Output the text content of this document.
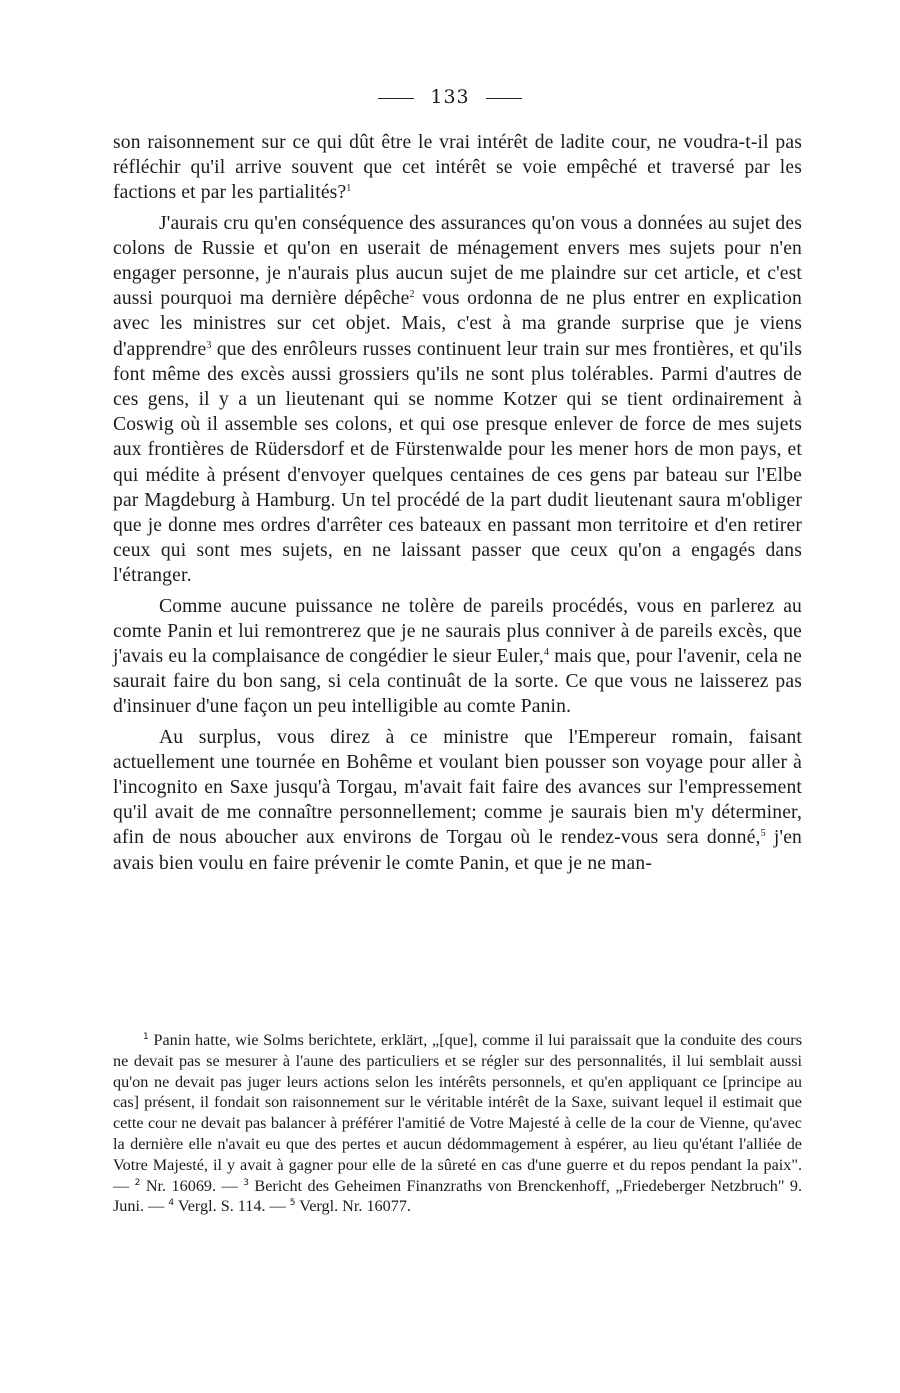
133

son raisonnement sur ce qui dût être le vrai intérêt de ladite cour, ne voudra-t-il pas réfléchir qu'il arrive souvent que cet intérêt se voie empêché et traversé par les factions et par les partialités?$^1$

J'aurais cru qu'en conséquence des assurances qu'on vous a données au sujet des colons de Russie et qu'on en userait de ménagement envers mes sujets pour n'en engager personne, je n'aurais plus aucun sujet de me plaindre sur cet article, et c'est aussi pourquoi ma dernière dépêche$^2$ vous ordonna de ne plus entrer en explication avec les ministres sur cet objet. Mais, c'est à ma grande surprise que je viens d'apprendre$^3$ que des enrôleurs russes continuent leur train sur mes frontières, et qu'ils font même des excès aussi grossiers qu'ils ne sont plus tolérables. Parmi d'autres de ces gens, il y a un lieutenant qui se nomme Kotzer qui se tient ordinairement à Coswig où il assemble ses colons, et qui ose presque enlever de force de mes sujets aux frontières de Rüdersdorf et de Fürstenwalde pour les mener hors de mon pays, et qui médite à présent d'envoyer quelques centaines de ces gens par bateau sur l'Elbe par Magdeburg à Hamburg. Un tel procédé de la part dudit lieutenant saura m'obliger que je donne mes ordres d'arrêter ces bateaux en passant mon territoire et d'en retirer ceux qui sont mes sujets, en ne laissant passer que ceux qu'on a engagés dans l'étranger.

Comme aucune puissance ne tolère de pareils procédés, vous en parlerez au comte Panin et lui remontrerez que je ne saurais plus conniver à de pareils excès, que j'avais eu la complaisance de congédier le sieur Euler,$^4$ mais que, pour l'avenir, cela ne saurait faire du bon sang, si cela continuât de la sorte. Ce que vous ne laisserez pas d'insinuer d'une façon un peu intelligible au comte Panin.

Au surplus, vous direz à ce ministre que l'Empereur romain, faisant actuellement une tournée en Bohême et voulant bien pousser son voyage pour aller à l'incognito en Saxe jusqu'à Torgau, m'avait fait faire des avances sur l'empressement qu'il avait de me connaître personnellement; comme je saurais bien m'y déterminer, afin de nous aboucher aux environs de Torgau où le rendez-vous sera donné,$^5$ j'en avais bien voulu en faire prévenir le comte Panin, et que je ne man-

$^1$ Panin hatte, wie Solms berichtete, erklärt, „[que], comme il lui paraissait que la conduite des cours ne devait pas se mesurer à l'aune des particuliers et se régler sur des personnalités, il lui semblait aussi qu'on ne devait pas juger leurs actions selon les intérêts personnels, et qu'en appliquant ce [principe au cas] présent, il fondait son raisonnement sur le véritable intérêt de la Saxe, suivant lequel il estimait que cette cour ne devait pas balancer à préférer l'amitié de Votre Majesté à celle de la cour de Vienne, qu'avec la dernière elle n'avait eu que des pertes et aucun dédommagement à espérer, au lieu qu'étant l'alliée de Votre Majesté, il y avait à gagner pour elle de la sûreté en cas d'une guerre et du repos pendant la paix". — $^2$ Nr. 16069. — $^3$ Bericht des Geheimen Finanzraths von Brenckenhoff, „Friedeberger Netzbruch" 9. Juni. — $^4$ Vergl. S. 114. — $^5$ Vergl. Nr. 16077.
